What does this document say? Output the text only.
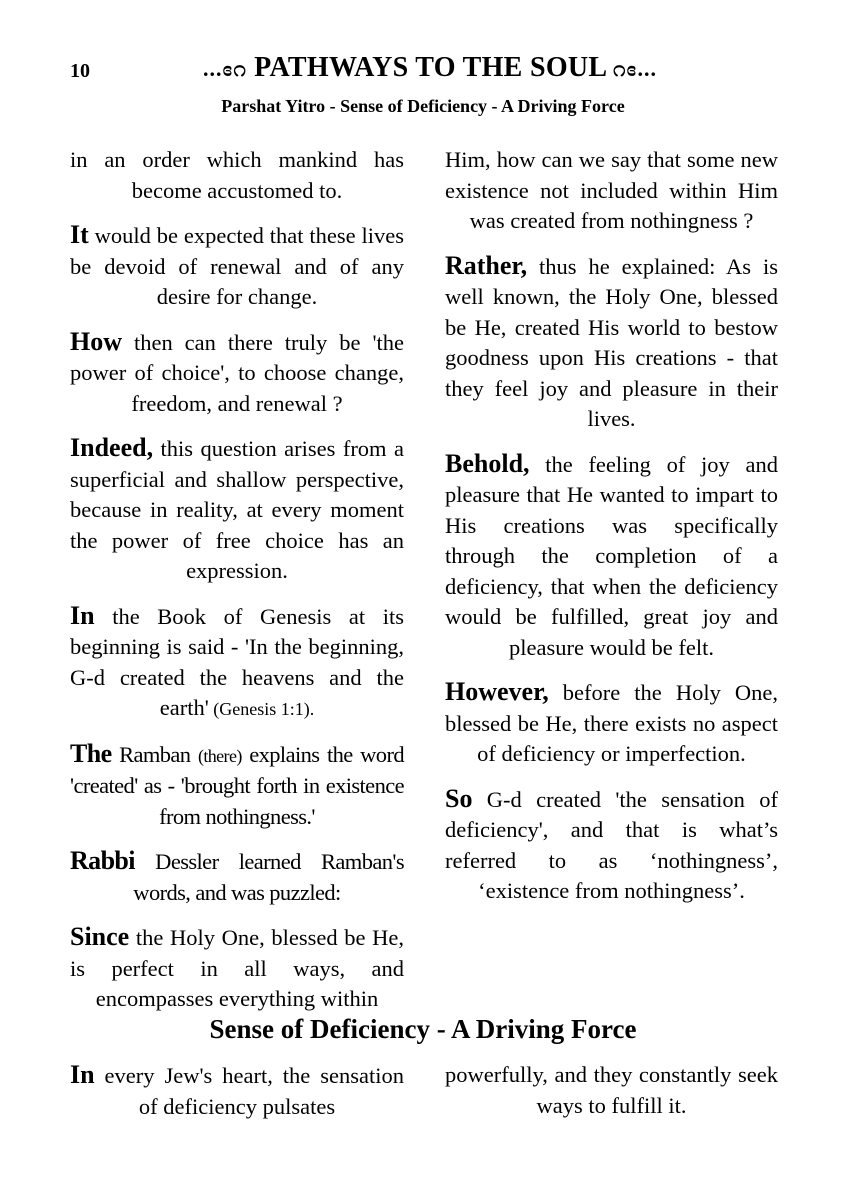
10	...ɞ೧ PATHWAYS TO THE SOUL ೧ɞ...
Parshat Yitro - Sense of Deficiency - A Driving Force

in an order which mankind has become accustomed to.

It would be expected that these lives be devoid of renewal and of any desire for change.

How then can there truly be 'the power of choice', to choose change, freedom, and renewal ?

Indeed, this question arises from a superficial and shallow perspective, because in reality, at every moment the power of free choice has an expression.

In the Book of Genesis at its beginning is said - 'In the beginning, G-d created the heavens and the earth' (Genesis 1:1).

The Ramban (there) explains the word 'created' as - 'brought forth in existence from nothingness.'

Rabbi Dessler learned Ramban's words, and was puzzled:

Since the Holy One, blessed be He, is perfect in all ways, and encompasses everything within

Him, how can we say that some new existence not included within Him was created from nothingness ?

Rather, thus he explained: As is well known, the Holy One, blessed be He, created His world to bestow goodness upon His creations - that they feel joy and pleasure in their lives.

Behold, the feeling of joy and pleasure that He wanted to impart to His creations was specifically through the completion of a deficiency, that when the deficiency would be fulfilled, great joy and pleasure would be felt.

However, before the Holy One, blessed be He, there exists no aspect of deficiency or imperfection.

So G-d created 'the sensation of deficiency', and that is what’s referred to as ‘nothingness’, ‘existence from nothingness’.

Sense of Deficiency - A Driving Force

In every Jew's heart, the sensation of deficiency pulsates

powerfully, and they constantly seek ways to fulfill it.
